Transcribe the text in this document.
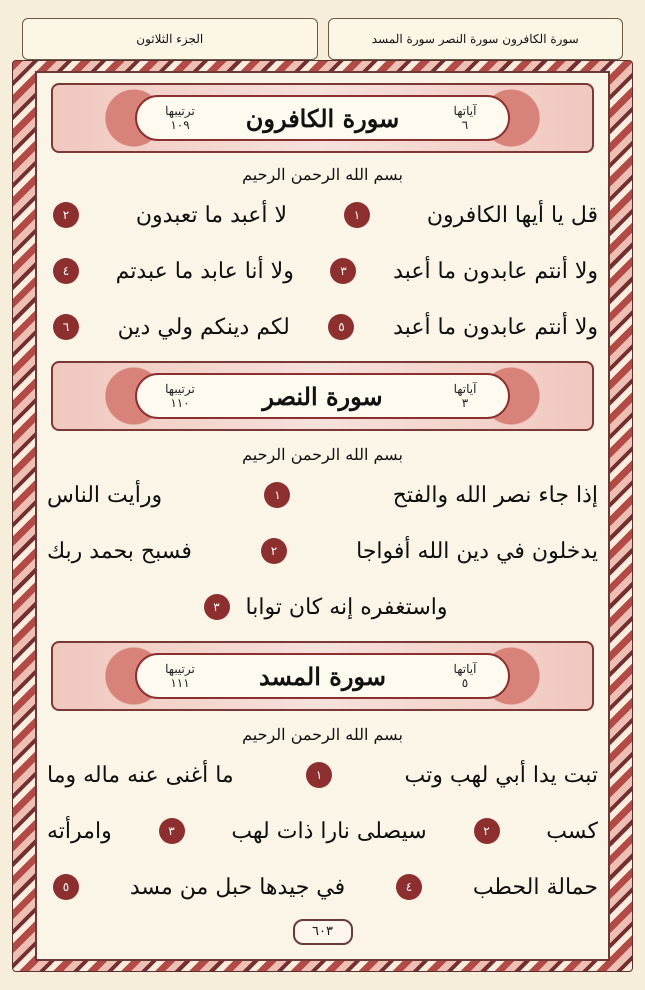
الجزء الثلاثون	سورة الكافرون سورة النصر سورة المسد
ترتيبها
١٠٩	سورة الكافرون	آياتها
٦
بسم الله الرحمن الرحيم
قل يا أيها الكافرون
١
لا أعبد ما تعبدون
٢
ولا أنتم عابدون ما أعبد
٣
ولا أنا عابد ما عبدتم
٤
ولا أنتم عابدون ما أعبد
٥
لكم دينكم ولي دين
٦
ترتيبها
١١٠	سورة النصر	آياتها
٣
بسم الله الرحمن الرحيم
إذا جاء نصر الله والفتح
١
ورأيت الناس
يدخلون في دين الله أفواجا
٢
فسبح بحمد ربك
واستغفره إنه كان توابا
٣
ترتيبها
١١١	سورة المسد	آياتها
٥
بسم الله الرحمن الرحيم
تبت يدا أبي لهب وتب
١
ما أغنى عنه ماله وما
كسب
٢
سيصلى نارا ذات لهب
٣
وامرأته
حمالة الحطب
٤
في جيدها حبل من مسد
٥
٦٠٣
